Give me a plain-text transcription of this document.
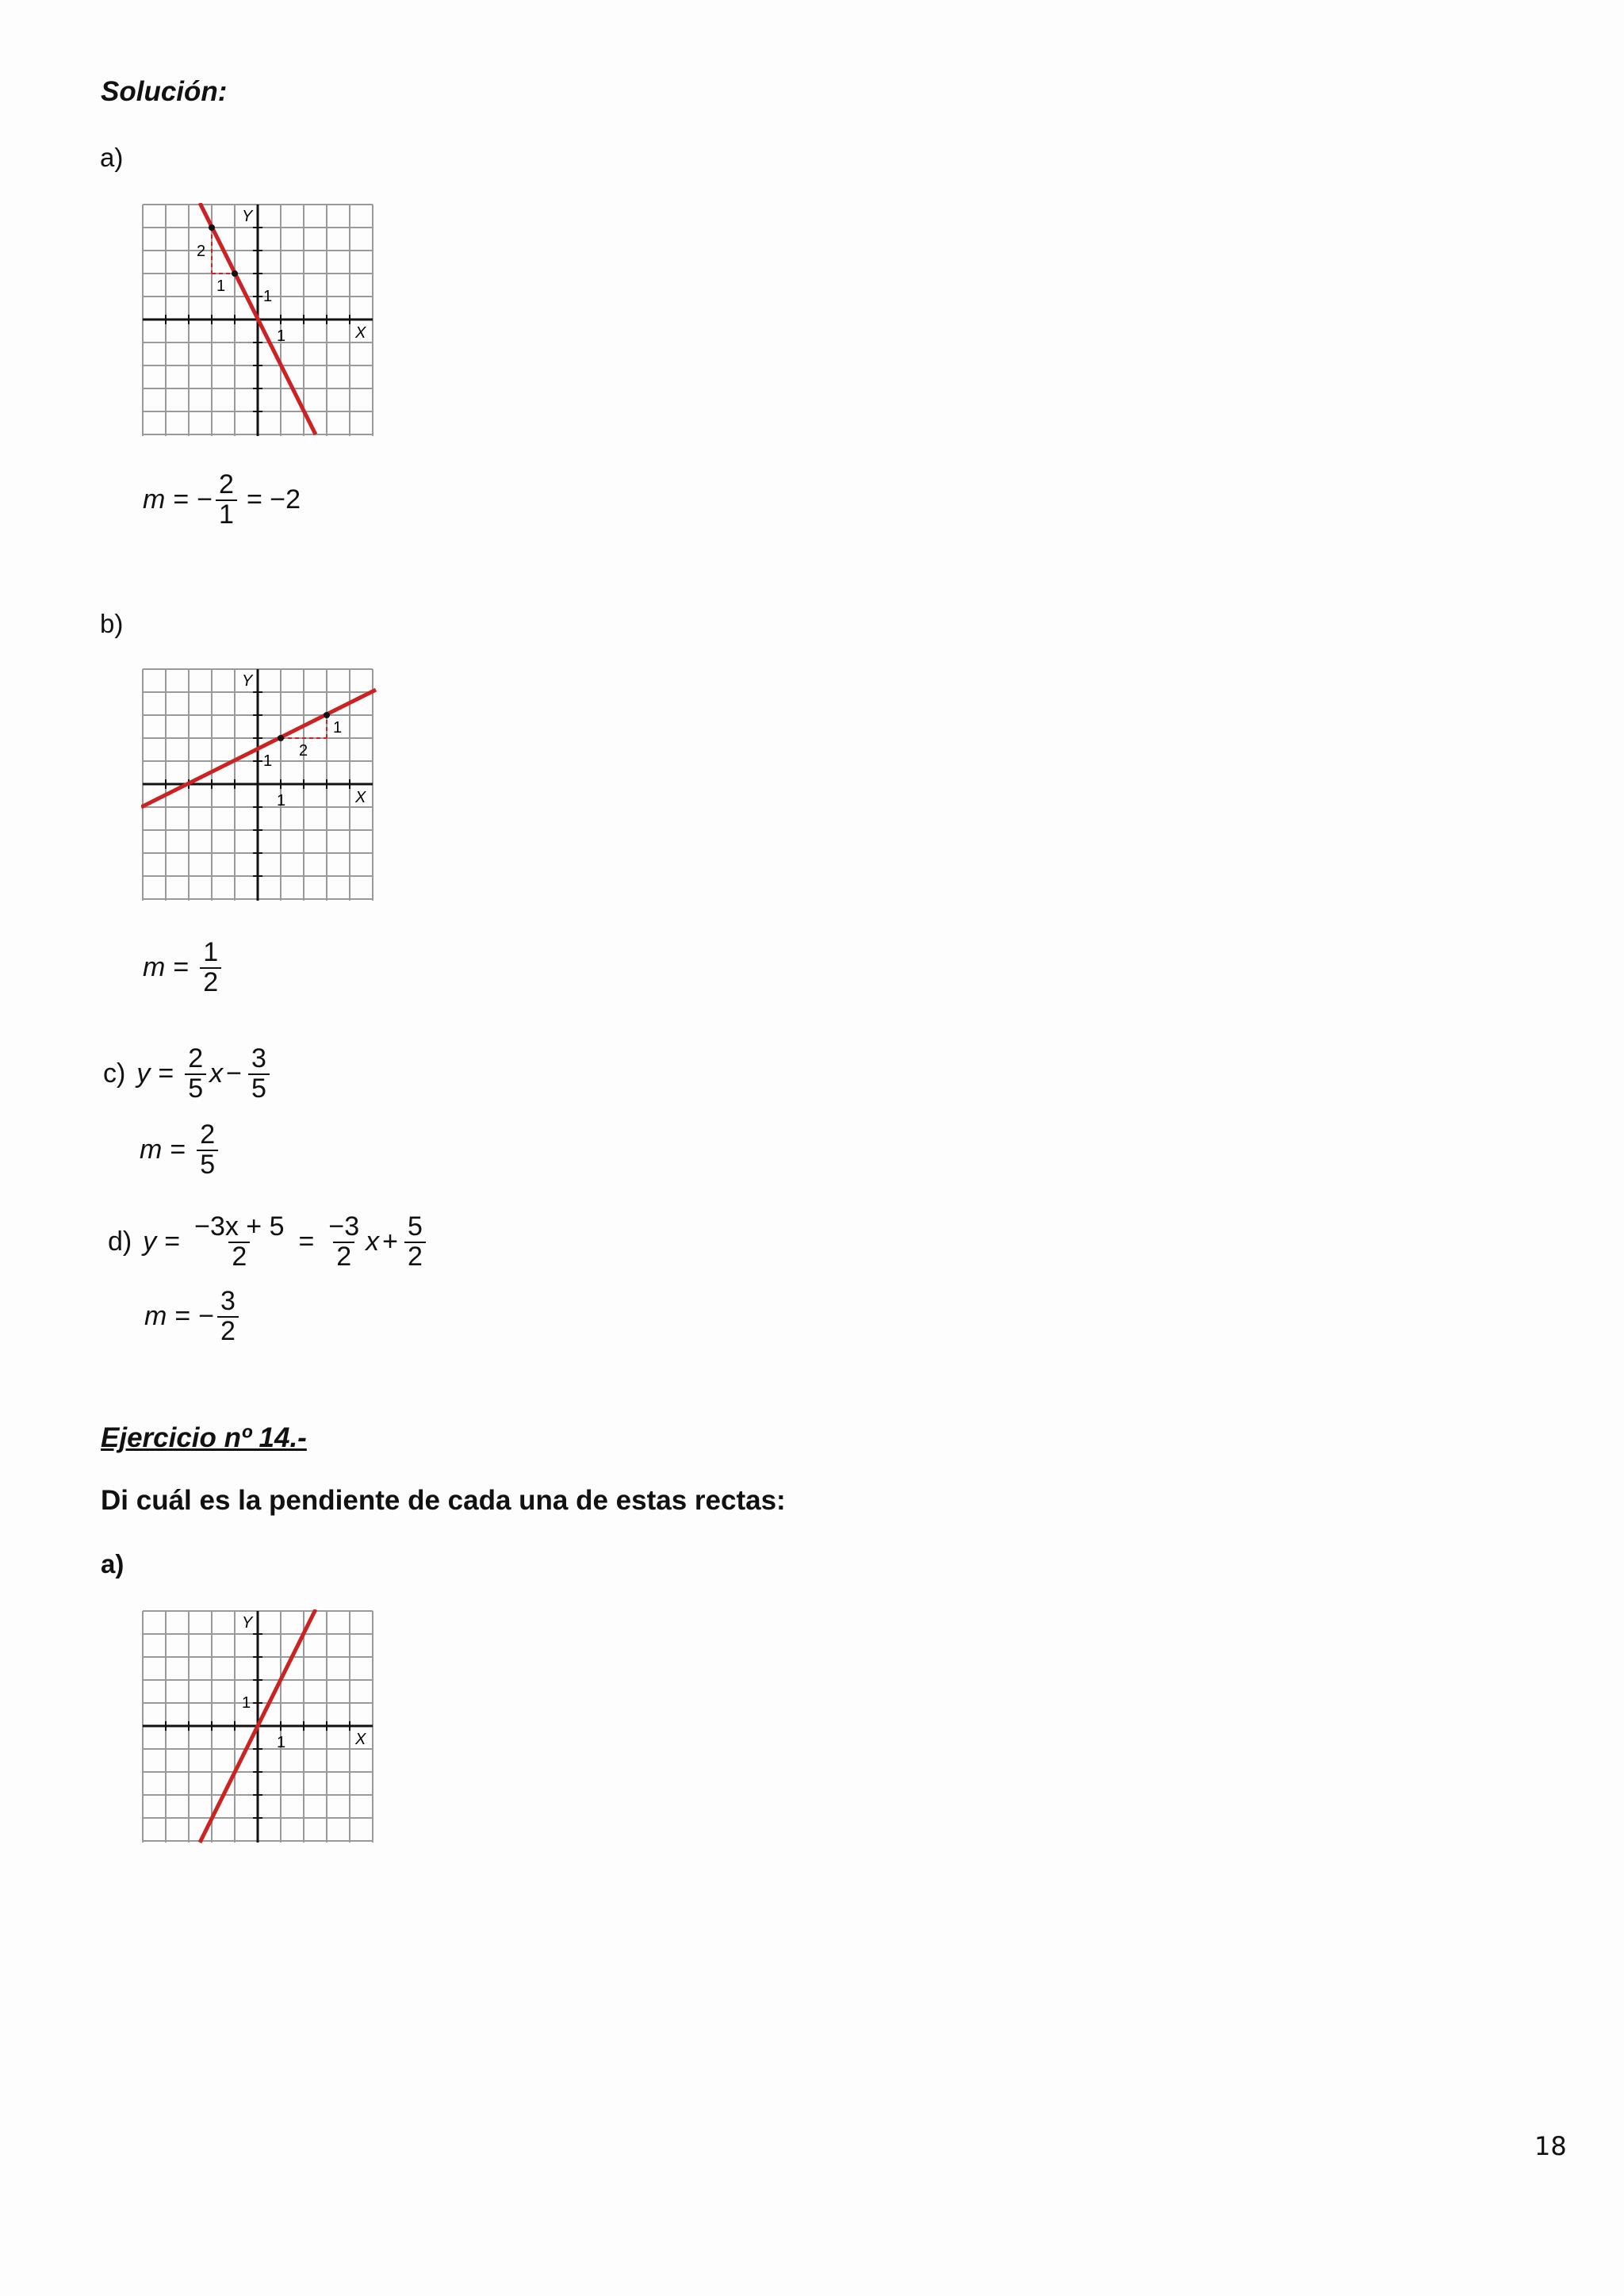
Solución:
a)
Y
X
1
1
2
1
m = − $\frac{2}{1} = -2$
b)
Y
X
1
1
2
1
$m = \frac{1}{2}$
c) $y = \frac{2}{5}$ $x - \frac{3}{5}$
$m = \frac{2}{5}$
d) $y = \frac{-3x + 5}{2} = \frac{-3}{2}$ $x + \frac{5}{2}$
m = − $\frac{3}{2}$
Ejercicio nº 14.-
Di cuál es la pendiente de cada una de estas rectas:
a)
Y
X
1
1
18
